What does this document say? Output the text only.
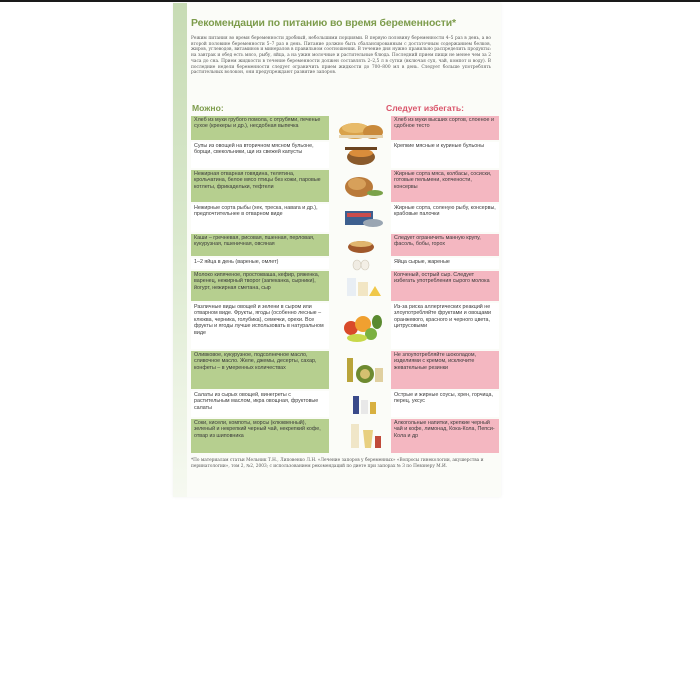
Рекомендации по питанию во время беременности*
Режим питания во время беременности дробный, небольшими порциями. В первую половину беременности 4–5 раз в день, а во второй половине беременности 5–7 раз в день. Питание должно быть сбалансированным с достаточным содержанием белков, жиров, углеводов, витаминов и минералов в правильном соотношении. В течение дня нужно правильно распределить продукты: на завтрак и обед есть мясо, рыбу, яйца, а на ужин молочные и растительные блюда. Последний прием пищи не менее чем за 2 часа до сна. Прием жидкости в течение беременности должен составлять 2–2,5 л в сутки (включая суп, чай, компот и воду). В последние недели беременности следует ограничить прием жидкости до 700–800 мл в день. Следует больше употреблять растительных волокон, они предупреждают развитие запоров.
Можно:	Следует избегать:
Хлеб из муки грубого помола, с отрубями, печенье сухое (крекеры и др.), несдобная выпечка
Хлеб из муки высших сортов, слоеное и сдобное тесто
Супы из овощей на вторичном мясном бульоне, борщи, свекольники, щи из свежей капусты
Крепкие мясные и куриные бульоны
Нежирная отварная говядина, телятина, крольчатина, белое мясо птицы без кожи, паровые котлеты, фрикадельки, тефтели
Жирные сорта мяса, колбасы, сосиски, готовые пельмени, копчености, консервы
Нежирные сорта рыбы (хек, треска, навага и др.), предпочтительнее в отварном виде
Жирные сорта, соленую рыбу, консервы, крабовые палочки
Каши – гречневая, рисовая, пшенная, перловая, кукурузная, пшеничная, овсяная
Следует ограничить манную крупу, фасоль, бобы, горох
1–2 яйца в день (вареные, омлет)	Яйца сырые, жареные
Молоко кипяченое, простокваша, кефир, ряженка, варенец, нежирный творог (запеканка, сырники), йогурт, нежирная сметана, сыр
Копченый, острый сыр. Следует избегать употребления сырого молока
Различные виды овощей и зелени в сыром или отварном виде. Фрукты, ягоды (особенно лесные – клюква, черника, голубика), семечки, орехи. Все фрукты и ягоды лучше использовать в натуральном виде
Из-за риска аллергических реакций не злоупотребляйте фруктами и овощами оранжевого, красного и черного цвета, цитрусовыми
Оливковое, кукурузное, подсолнечное масло, сливочное масло. Желе, джемы, десерты, сахар, конфеты – в умеренных количествах
Не злоупотребляйте шоколадом, изделиями с кремом, исключите жевательные резинки
Салаты из сырых овощей, винегреты с растительным маслом, икра овощная, фруктовые салаты
Острые и жирные соусы, хрен, горчица, перец, уксус
Соки, кисели, компоты, морсы (клюквенный), зеленый и некрепкий черный чай, некрепкий кофе, отвар из шиповника
Алкогольные напитки, крепкие черный чай и кофе, лимонад, Кока-Кола, Пепси-Кола и др
*По материалам статьи Мельник Т.Н., Липовенко Л.Н. «Лечение запоров у беременных» «Вопросы гинекологии, акушерства и перинатологии», том 2, №2, 2003; с использованием рекомендаций по диете при запорах № 3 по Певзнеру М.И.
